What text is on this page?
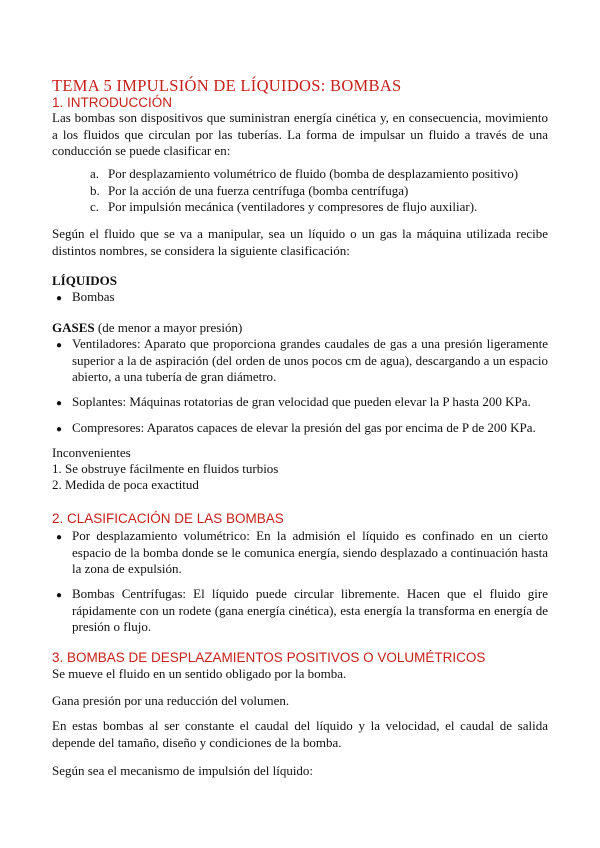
TEMA 5 IMPULSIÓN DE LÍQUIDOS: BOMBAS
1. INTRODUCCIÓN
Las bombas son dispositivos que suministran energía cinética y, en consecuencia, movimiento a los fluidos que circulan por las tuberías. La forma de impulsar un fluido a través de una conducción se puede clasificar en:
a. Por desplazamiento volumétrico de fluido (bomba de desplazamiento positivo)
b. Por la acción de una fuerza centrífuga (bomba centrífuga)
c. Por impulsión mecánica (ventiladores y compresores de flujo auxiliar).
Según el fluido que se va a manipular, sea un líquido o un gas la máquina utilizada recibe distintos nombres, se considera la siguiente clasificación:
LÍQUIDOS
● Bombas
GASES (de menor a mayor presión)
● Ventiladores: Aparato que proporciona grandes caudales de gas a una presión ligeramente superior a la de aspiración (del orden de unos pocos cm de agua), descargando a un espacio abierto, a una tubería de gran diámetro.
● Soplantes: Máquinas rotatorias de gran velocidad que pueden elevar la P hasta 200 KPa.
● Compresores: Aparatos capaces de elevar la presión del gas por encima de P de 200 KPa.
Inconvenientes
1. Se obstruye fácilmente en fluidos turbios
2. Medida de poca exactitud
2. CLASIFICACIÓN DE LAS BOMBAS
● Por desplazamiento volumétrico: En la admisión el líquido es confinado en un cierto espacio de la bomba donde se le comunica energía, siendo desplazado a continuación hasta la zona de expulsión.
● Bombas Centrífugas: El líquido puede circular libremente. Hacen que el fluido gire rápidamente con un rodete (gana energía cinética), esta energía la transforma en energía de presión o flujo.
3. BOMBAS DE DESPLAZAMIENTOS POSITIVOS O VOLUMÉTRICOS
Se mueve el fluido en un sentido obligado por la bomba.
Gana presión por una reducción del volumen.
En estas bombas al ser constante el caudal del líquido y la velocidad, el caudal de salida depende del tamaño, diseño y condiciones de la bomba.
Según sea el mecanismo de impulsión del líquido:
